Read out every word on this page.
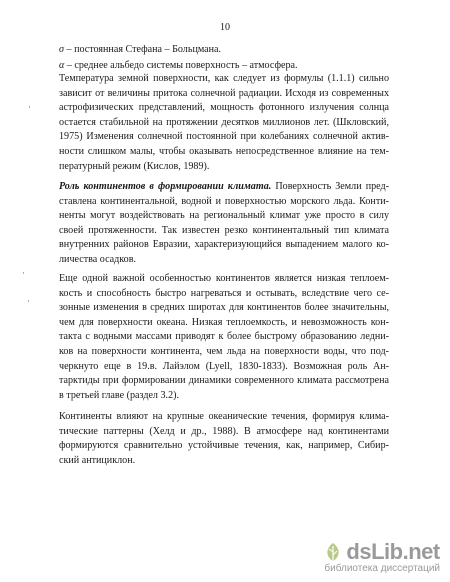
10
σ – постоянная Стефана – Больцмана.
α – среднее альбедо системы поверхность – атмосфера.
Температура земной поверхности, как следует из формулы (1.1.1) сильно
зависит от величины притока солнечной радиации. Исходя из современных
астрофизических представлений, мощность фотонного излучения солнца
остается стабильной на протяжении десятков миллионов лет. (Шкловский,
1975) Изменения солнечной постоянной при колебаниях солнечной актив-
ности слишком малы, чтобы оказывать непосредственное влияние на тем-
пературный режим (Кислов, 1989).
Роль континентов в формировании климата. Поверхность Земли пред-
ставлена континентальной, водной и поверхностью морского льда. Конти-
ненты могут воздействовать на региональный климат уже просто в силу
своей протяженности. Так известен резко континентальный тип климата
внутренних районов Евразии, характеризующийся выпадением малого ко-
личества осадков.
Еще одной важной особенностью континентов является низкая теплоем-
кость и способность быстро нагреваться и остывать, вследствие чего се-
зонные изменения в средних широтах для континентов более значительны,
чем для поверхности океана. Низкая теплоемкость, и невозможность кон-
такта с водными массами приводят к более быстрому образованию ледни-
ков на поверхности континента, чем льда на поверхности воды, что под-
черкнуто еще в 19.в. Лайэлом (Lyell, 1830-1833). Возможная роль Ан-
тарктиды при формировании динамики современного климата рассмотрена
в третьей главе (раздел 3.2).
Континенты влияют на крупные океанические течения, формируя клима-
тические паттерны (Хелд и др., 1988). В атмосфере над континентами
формируются сравнительно устойчивые течения, как, например, Сибир-
ский антициклон.
·
·
·
dsLib.net
библиотека диссертаций
